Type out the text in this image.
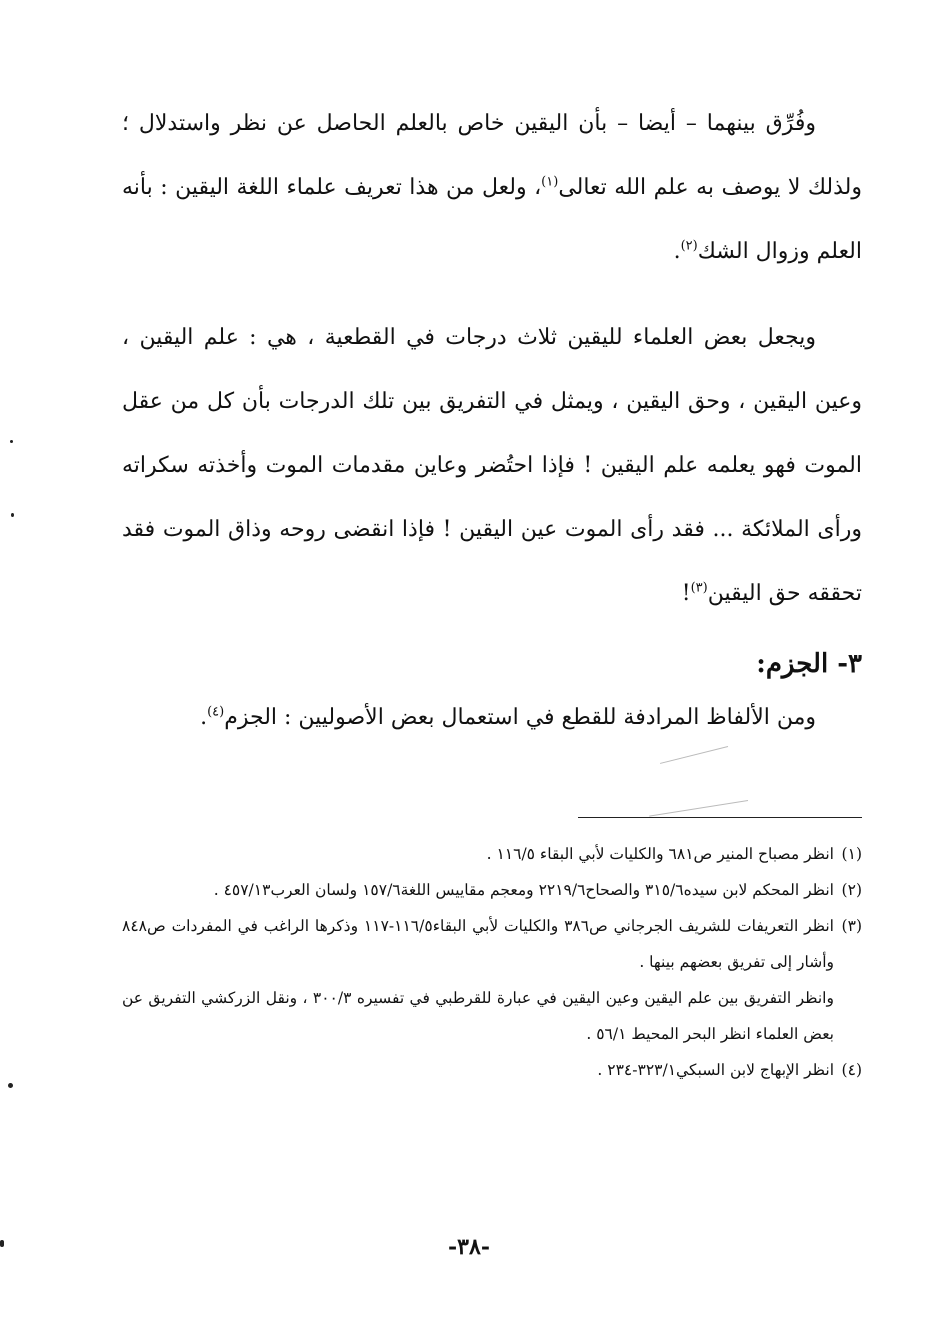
وفُرِّق بينهما – أيضا – بأن اليقين خاص بالعلم الحاصل عن نظر واستدلال ؛ ولذلك لا يوصف به علم الله تعالى$^{(١)}$، ولعل من هذا تعريف علماء اللغة اليقين : بأنه العلم وزوال الشك$^{(٢)}$.

ويجعل بعض العلماء لليقين ثلاث درجات في القطعية ، هي : علم اليقين ، وعين اليقين ، وحق اليقين ، ويمثل في التفريق بين تلك الدرجات بأن كل من عقل الموت فهو يعلمه علم اليقين ! فإذا احتُضر وعاين مقدمات الموت وأخذته سكراته ورأى الملائكة ... فقد رأى الموت عين اليقين ! فإذا انقضى روحه وذاق الموت فقد تحققه حق اليقين$^{(٣)}$!

٣- الجزم:

ومن الألفاظ المرادفة للقطع في استعمال بعض الأصوليين : الجزم$^{(٤)}$.

(١)
انظر مصباح المنير ص٦٨١ والكليات لأبي البقاء ١١٦/٥ .

(٢)
انظر المحكم لابن سيده٣١٥/٦ والصحاح٢٢١٩/٦ ومعجم مقاييس اللغة١٥٧/٦ ولسان العرب٤٥٧/١٣ .

(٣)
انظر التعريفات للشريف الجرجاني ص٣٨٦ والكليات لأبي البقاء١١٦/٥-١١٧ وذكرها الراغب في المفردات ص٨٤٨ وأشار إلى تفريق بعضهم بينها .

وانظر التفريق بين علم اليقين وعين اليقين في عبارة للقرطبي في تفسيره ٣٠٠/٣ ، ونقل الزركشي التفريق عن بعض العلماء انظر البحر المحيط ٥٦/١ .

(٤)
انظر الإبهاج لابن السبكي٣٢٣/١-٢٣٤ .

-٣٨-
